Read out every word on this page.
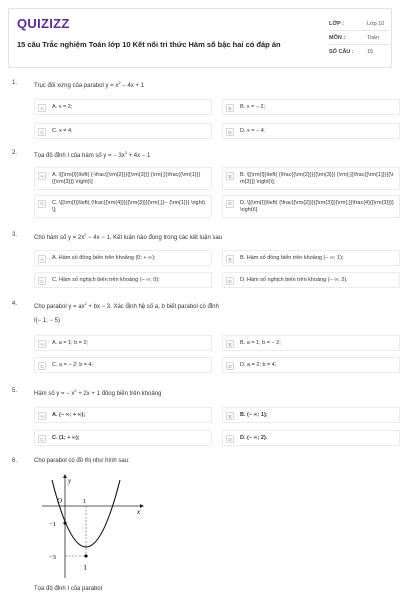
QUIZIZZ
15 câu Trắc nghiệm Toán lớp 10 Kết nối tri thức Hàm số bậc hai có đáp án
LỚP :	Lớp 10
MÔN :	Toán
SỐ CÂU : 15
1.	Trục đối xứng của parabol $y = x^2 - 4x + 1$
A	A. x = 2;	B	B. x = − 2;
C	C. x = 4;	D	D. x = − 4.
2.	Tọa độ đỉnh I của hàm số y = − $3x^2 + 4x - 1$
A	A. \[{\rm{I}}\left( {-\frac{{\rm{2}}}{{\rm{3}}} {\rm{;}}\frac{{\rm{1}}}{{\rm{3}}} \right)\]
B	B. \[{\rm{I}}\left( {\frac{{\rm{2}}}{{\rm{3}}} {\rm{;}}\frac{{\rm{1}}}{{\rm{3}}} \right)\];
C	C. \[{\rm{I}}\left( {\frac{{\rm{4}}}{{\rm{3}}}{\rm{;}}− {\rm{1}}} \right)\];
D	D. \[{\rm{I}}\left( {\frac{{\rm{2}}}{{\rm{3}}}{\rm{;}}\frac{4}{{\rm{3}}}} \right)\]
3.	Cho hàm số $y = 2x^2 - 4x - 1$. Kết luận nào đúng trong các kết luận sau
A	A. Hàm số đồng biến trên khoảng (0; + ∞);	B	B. Hàm số đồng biến trên khoảng (− ∞; 1);
C	C. Hàm số nghịch biến trên khoảng (− ∞; 0);	D	D. Hàm số nghịch biến trên khoảng (− ∞; 2).
4.	Cho parabol $y = ax^2$ + bx − 3. Xác định hệ số a, b biết parabol có đỉnh
I(− 1; − 5)
A	A. a = 1; b = 2;	B	B. a = 1; b = − 2;
C	C. a = − 2; b = 4;	D	D. a = 2; b = 4.
5.	Hàm số y = − $x^2 + 2x + 1$ đồng biến trên khoảng
A	A. (− ∞; + ∞);	B	B. (− ∞; 1);
C	C. (1; + ∞);	D	D. (− ∞; 2).
6.	Cho parabol có đồ thị như hình sau:
y
x
O	1
−1
−3
I
Tọa độ đỉnh I của parabol
